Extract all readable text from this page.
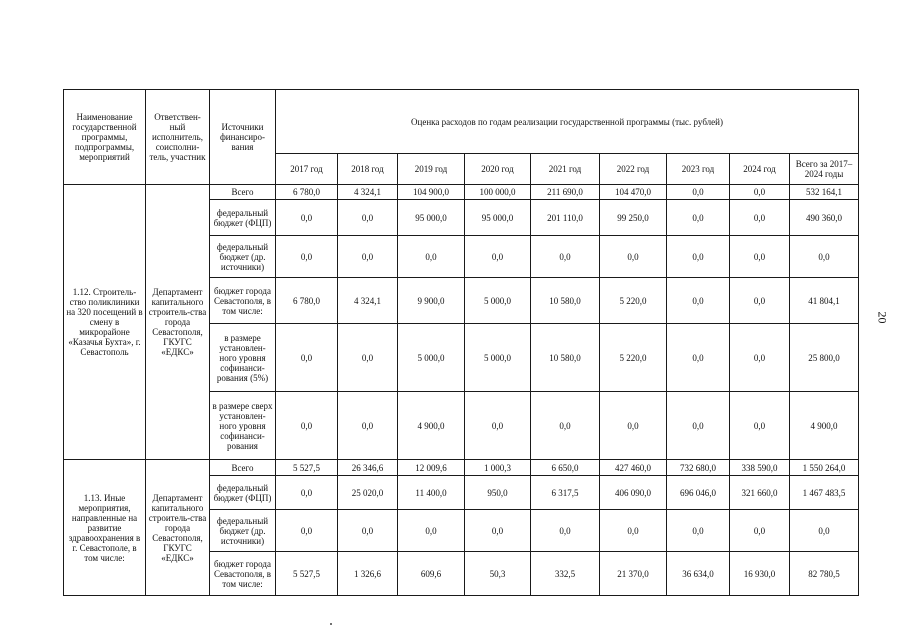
Наименование государственной программы, подпрограммы, мероприятий	Ответствен-ный исполнитель, соисполни-тель, участник	Источники финансиро-вания	Оценка расходов по годам реализации государственной программы (тыс. рублей)								
			2017 год	2018 год	2019 год	2020 год	2021 год	2022 год	2023 год	2024 год	Всего за 2017–2024 годы
1.12. Строитель-ство поликлиники на 320 посещений в смену в микрорайоне «Казачья Бухта», г. Севастополь	Департамент капитального строитель-ства города Севастополя, ГКУГС «ЕДКС»	Всего	6 780,0	4 324,1	104 900,0	100 000,0	211 690,0	104 470,0	0,0	0,0	532 164,1
		федеральный бюджет (ФЦП)	0,0	0,0	95 000,0	95 000,0	201 110,0	99 250,0	0,0	0,0	490 360,0
		федеральный бюджет (др. источники)	0,0	0,0	0,0	0,0	0,0	0,0	0,0	0,0	0,0
		бюджет города Севастополя, в том числе:	6 780,0	4 324,1	9 900,0	5 000,0	10 580,0	5 220,0	0,0	0,0	41 804,1
		в размере установлен-ного уровня софинанси-рования (5%)	0,0	0,0	5 000,0	5 000,0	10 580,0	5 220,0	0,0	0,0	25 800,0
		в размере сверх установлен-ного уровня софинанси-рования	0,0	0,0	4 900,0	0,0	0,0	0,0	0,0	0,0	4 900,0
1.13. Иные мероприятия, направленные на развитие здравоохранения в г. Севастополе, в том числе:	Департамент капитального строитель-ства города Севастополя, ГКУГС «ЕДКС»	Всего	5 527,5	26 346,6	12 009,6	1 000,3	6 650,0	427 460,0	732 680,0	338 590,0	1 550 264,0
		федеральный бюджет (ФЦП)	0,0	25 020,0	11 400,0	950,0	6 317,5	406 090,0	696 046,0	321 660,0	1 467 483,5
		федеральный бюджет (др. источники)	0,0	0,0	0,0	0,0	0,0	0,0	0,0	0,0	0,0
		бюджет города Севастополя, в том числе:	5 527,5	1 326,6	609,6	50,3	332,5	21 370,0	36 634,0	16 930,0	82 780,5
20
